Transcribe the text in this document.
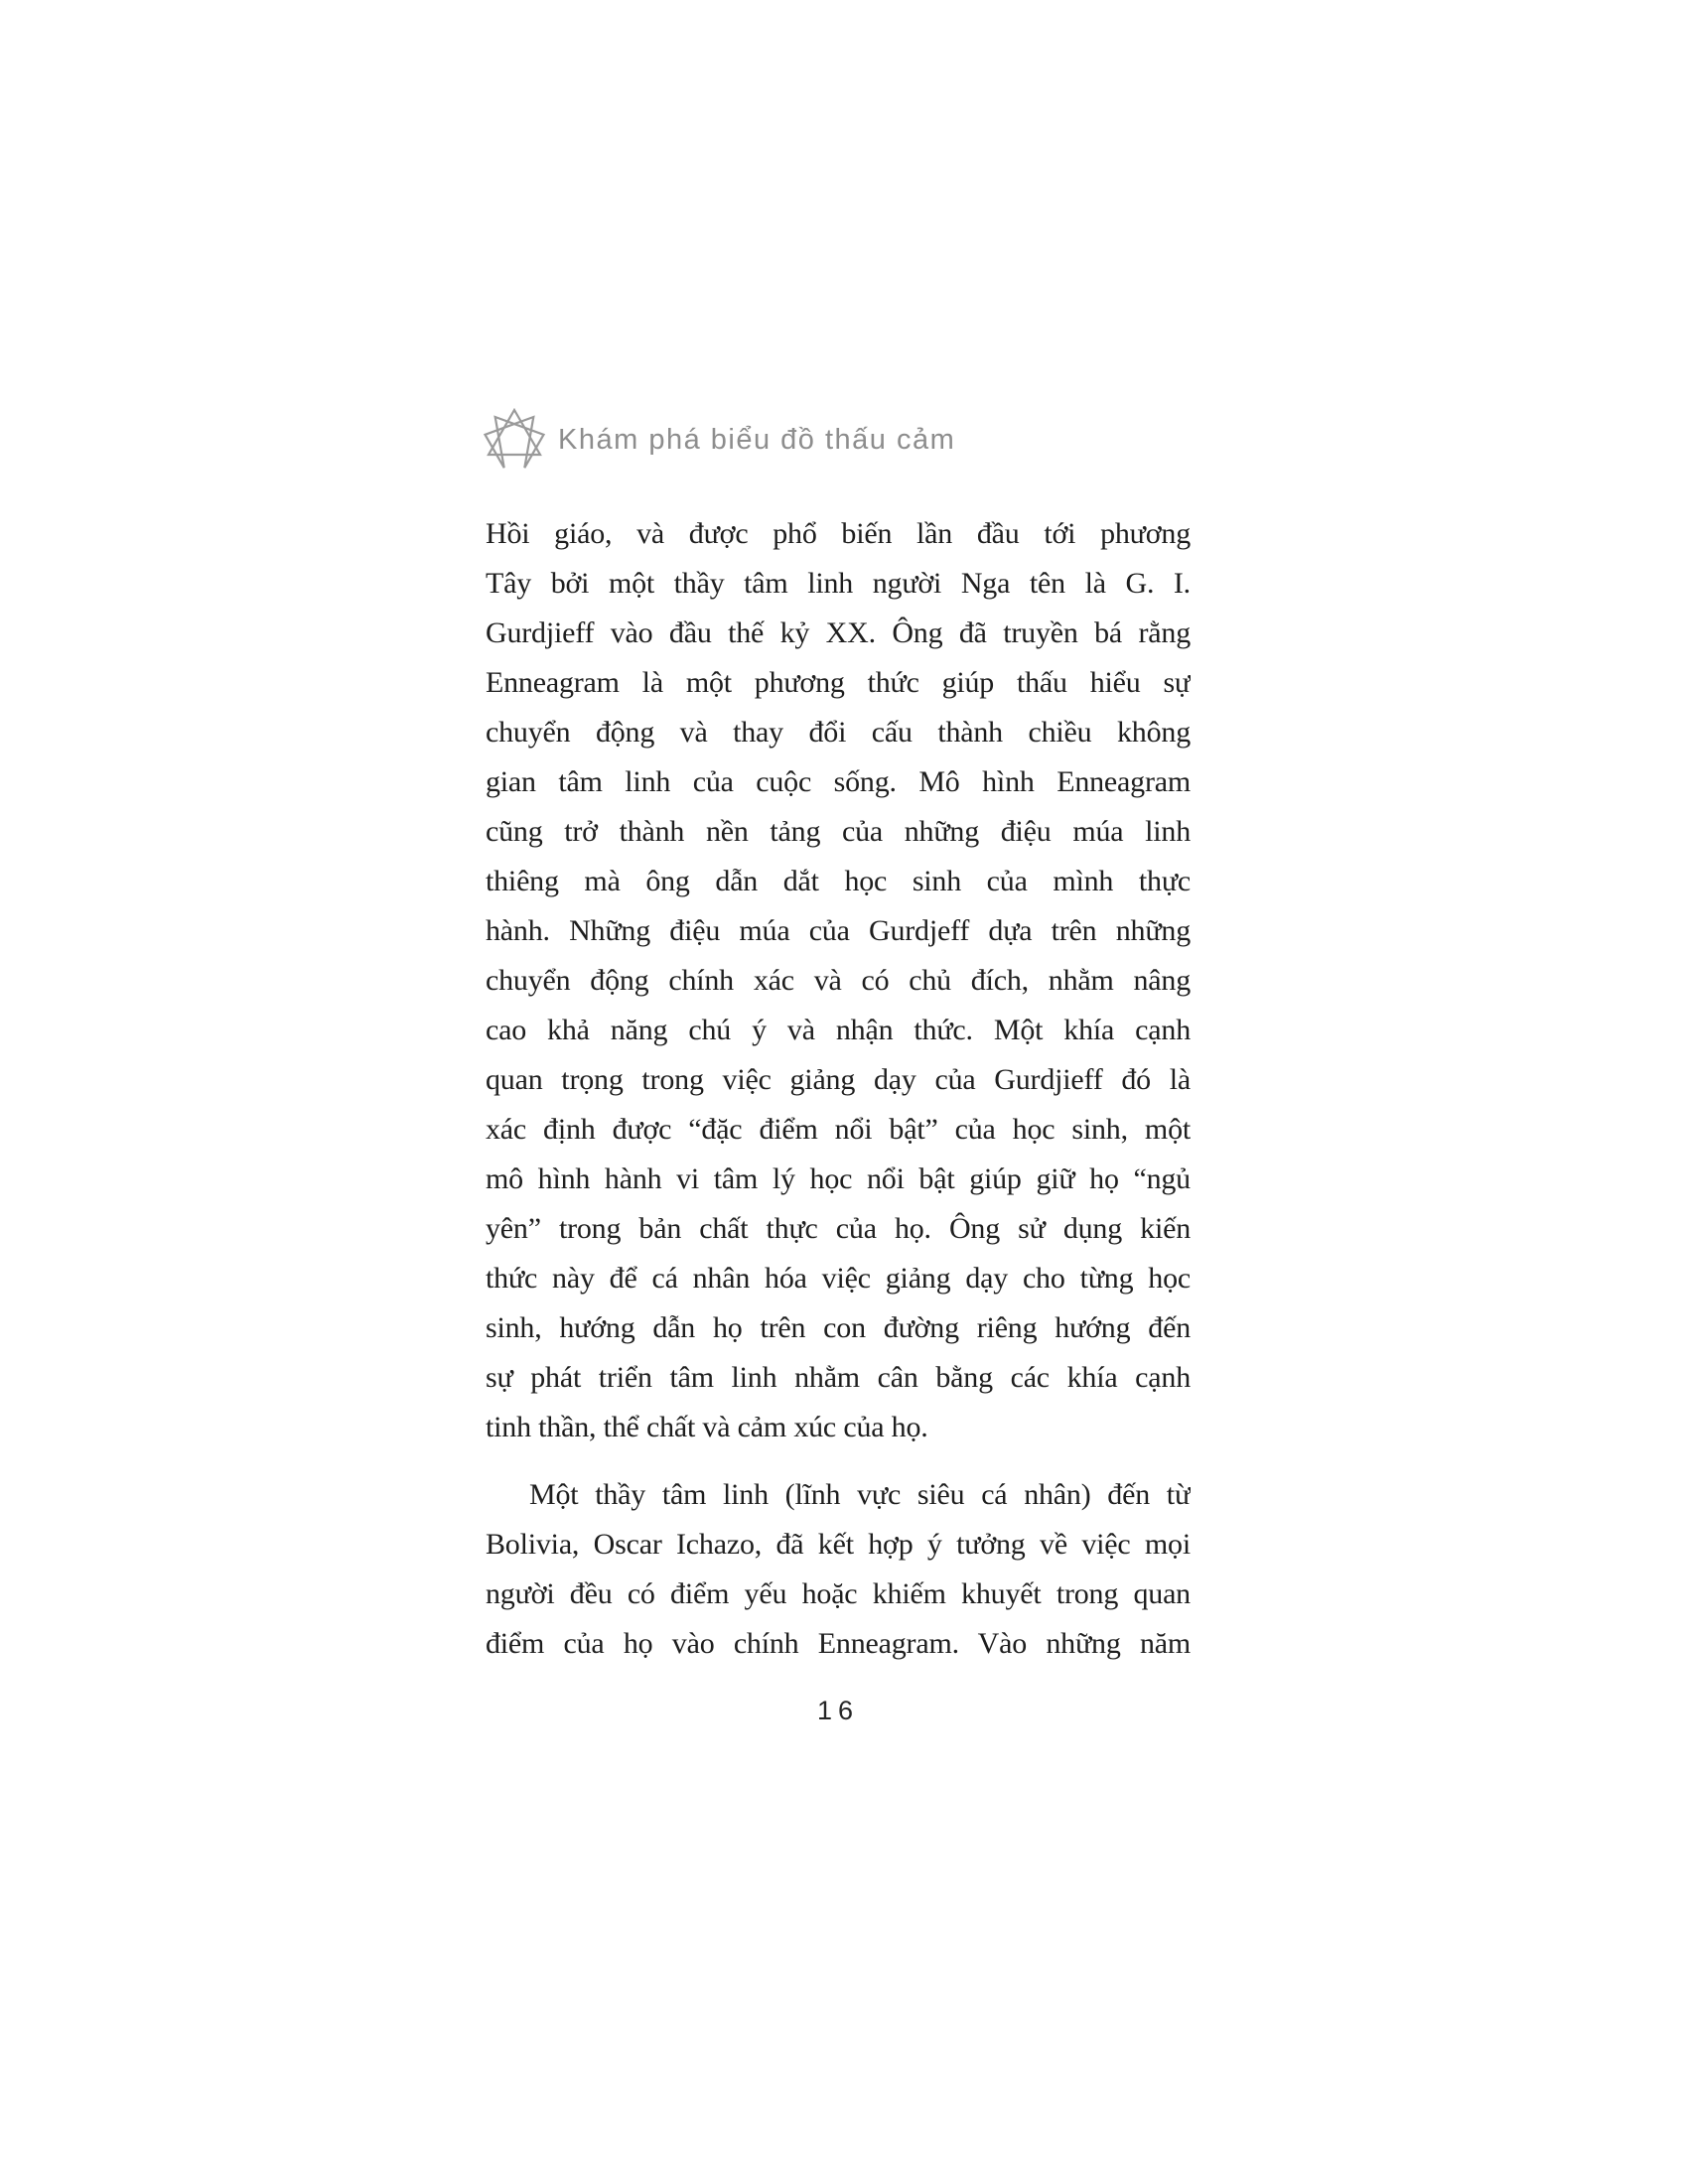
Khám phá biểu đồ thấu cảm
Hồi giáo, và được phổ biến lần đầu tới phương
Tây bởi một thầy tâm linh người Nga tên là G. I.
Gurdjieff vào đầu thế kỷ XX. Ông đã truyền bá rằng
Enneagram là một phương thức giúp thấu hiểu sự
chuyển động và thay đổi cấu thành chiều không
gian tâm linh của cuộc sống. Mô hình Enneagram
cũng trở thành nền tảng của những điệu múa linh
thiêng mà ông dẫn dắt học sinh của mình thực
hành. Những điệu múa của Gurdjeff dựa trên những
chuyển động chính xác và có chủ đích, nhằm nâng
cao khả năng chú ý và nhận thức. Một khía cạnh
quan trọng trong việc giảng dạy của Gurdjieff đó là
xác định được “đặc điểm nổi bật” của học sinh, một
mô hình hành vi tâm lý học nổi bật giúp giữ họ “ngủ
yên” trong bản chất thực của họ. Ông sử dụng kiến
thức này để cá nhân hóa việc giảng dạy cho từng học
sinh, hướng dẫn họ trên con đường riêng hướng đến
sự phát triển tâm linh nhằm cân bằng các khía cạnh
tinh thần, thể chất và cảm xúc của họ.
Một thầy tâm linh (lĩnh vực siêu cá nhân) đến từ
Bolivia, Oscar Ichazo, đã kết hợp ý tưởng về việc mọi
người đều có điểm yếu hoặc khiếm khuyết trong quan
điểm của họ vào chính Enneagram. Vào những năm
16
